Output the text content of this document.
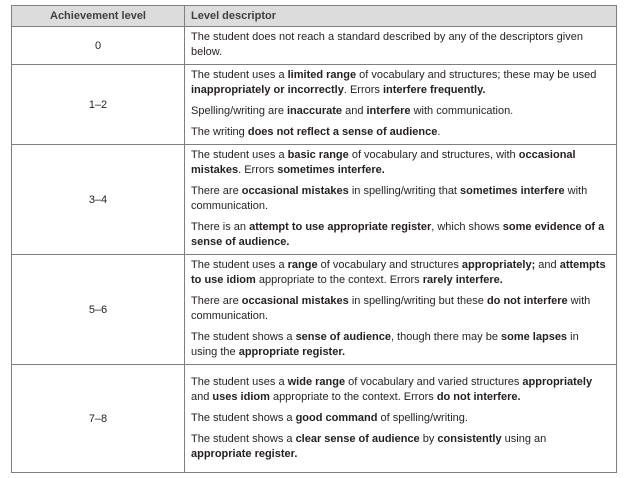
Achievement level	Level descriptor
0	The student does not reach a standard described by any of the descriptors given below.

1–2	The student uses a limited range of vocabulary and structures; these may be used inappropriately or incorrectly. Errors interfere frequently.

Spelling/writing are inaccurate and interfere with communication.

The writing does not reflect a sense of audience.

3–4	The student uses a basic range of vocabulary and structures, with occasional mistakes. Errors sometimes interfere.

There are occasional mistakes in spelling/writing that sometimes interfere with communication.

There is an attempt to use appropriate register, which shows some evidence of a sense of audience.

5–6	The student uses a range of vocabulary and structures appropriately; and attempts to use idiom appropriate to the context. Errors rarely interfere.

There are occasional mistakes in spelling/writing but these do not interfere with communication.

The student shows a sense of audience, though there may be some lapses in using the appropriate register.

7–8	The student uses a wide range of vocabulary and varied structures appropriately and uses idiom appropriate to the context. Errors do not interfere.

The student shows a good command of spelling/writing.

The student shows a clear sense of audience by consistently using an appropriate register.
